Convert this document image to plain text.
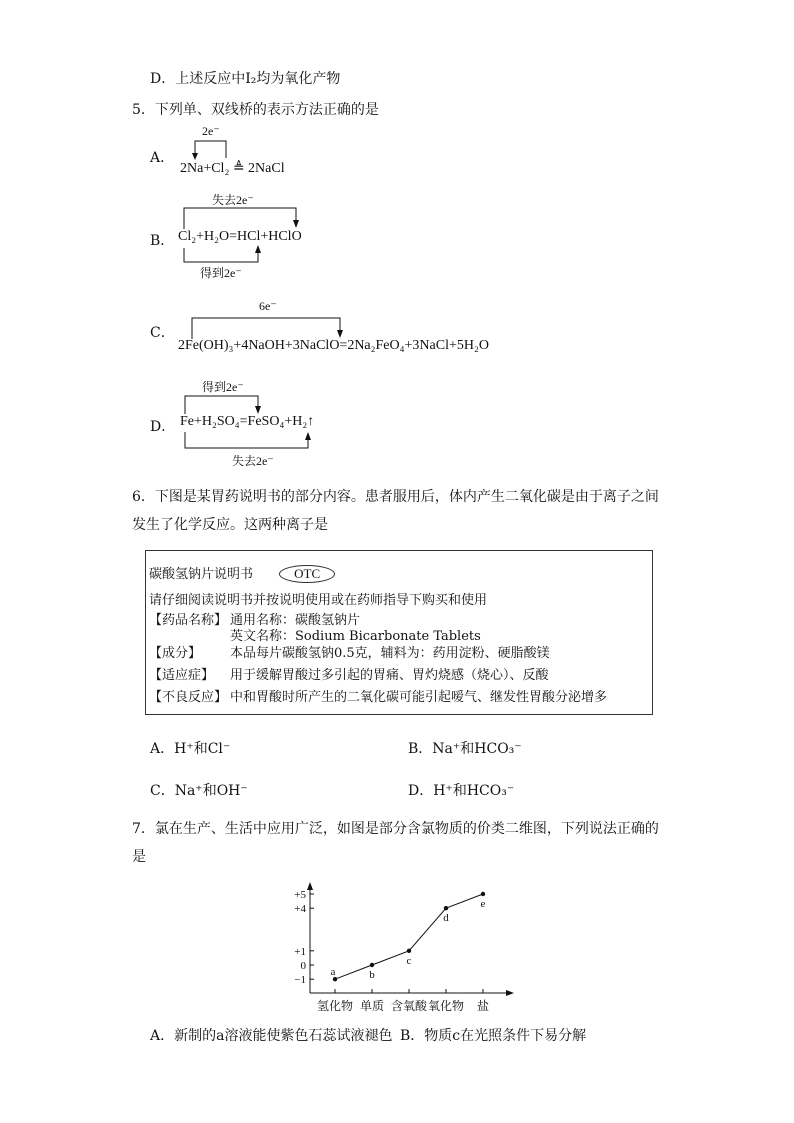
D．上述反应中I₂均为氧化产物
5．下列单、双线桥的表示方法正确的是
A．
2e⁻
2Na+Cl₂ ≜ 2NaCl
B．
失去2e⁻
得到2e⁻
Cl₂+H₂O=HCl+HClO
C．
6e⁻
2Fe(OH)₃+4NaOH+3NaClO=2Na₂FeO₄+3NaCl+5H₂O
D．
得到2e⁻
失去2e⁻
Fe+H₂SO₄=FeSO₄+H₂↑
6．下图是某胃药说明书的部分内容。患者服用后，体内产生二氧化碳是由于离子之间
发生了化学反应。这两种离子是
碳酸氢钠片说明书	OTC
请仔细阅读说明书并按说明使用或在药师指导下购买和使用
【药品名称】 通用名称：碳酸氢钠片
英文名称：Sodium Bicarbonate Tablets
【成分】 本品每片碳酸氢钠0.5克，辅料为：药用淀粉、硬脂酸镁
【适应症】 用于缓解胃酸过多引起的胃痛、胃灼烧感（烧心）、反酸
【不良反应】 中和胃酸时所产生的二氧化碳可能引起嗳气、继发性胃酸分泌增多
A．H⁺和Cl⁻	B．Na⁺和HCO₃⁻
C．Na⁺和OH⁻	D．H⁺和HCO₃⁻
7．氯在生产、生活中应用广泛，如图是部分含氯物质的价类二维图，下列说法正确的
是
+5
+4
+1
0
−1
氢化物 单质 含氧酸 氧化物 盐
a	b
c
d
e
A．新制的a溶液能使紫色石蕊试液褪色 B．物质c在光照条件下易分解
